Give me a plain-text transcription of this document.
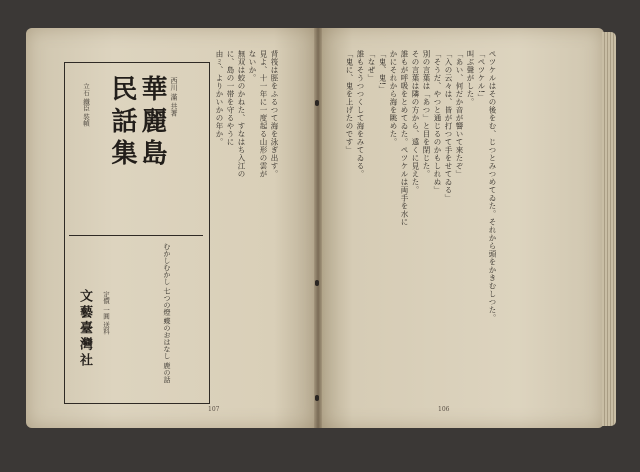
背筏は脛をふるつて海を泳ぎ出す。
見よ、十一年に一度起る山形の雲が
ないか。
無双は蛟のかねた、すなはち入江の
に、島の一帯を守るやうに
由ミ、よりかいかの年か。
西川 滿 共著
華麗島
民話集
立石 鐵臣 裝幀
むかしむかし 七つの燈 蝶のおはなし 鹿の話
定價 一圓 送料
文藝臺灣社
107
ぺツケルはその後をむ、じつとみつめてゐた。それから頭をかきむしつた。
「ぺツケル!」
叫ぶ聲がした。
「あい、何だか音が響いて來たぞ」
「入の云々は、皆が打つて手をせてゐる」
「そうだ、やつと通じるのかもしれぬ」
別の言葉は「あつ」と目を閉じた。
その言葉は隣の方から、遠くに見えた。
誰もが呼吸をとめてゐた。ぺツケルは両手を水に
かにそれから海を眺めた。
「鬼、鬼!」
「なぜ」
誰もそうつつくして海をみてゐる。
「鬼に、鬼を上げたのです」
106
